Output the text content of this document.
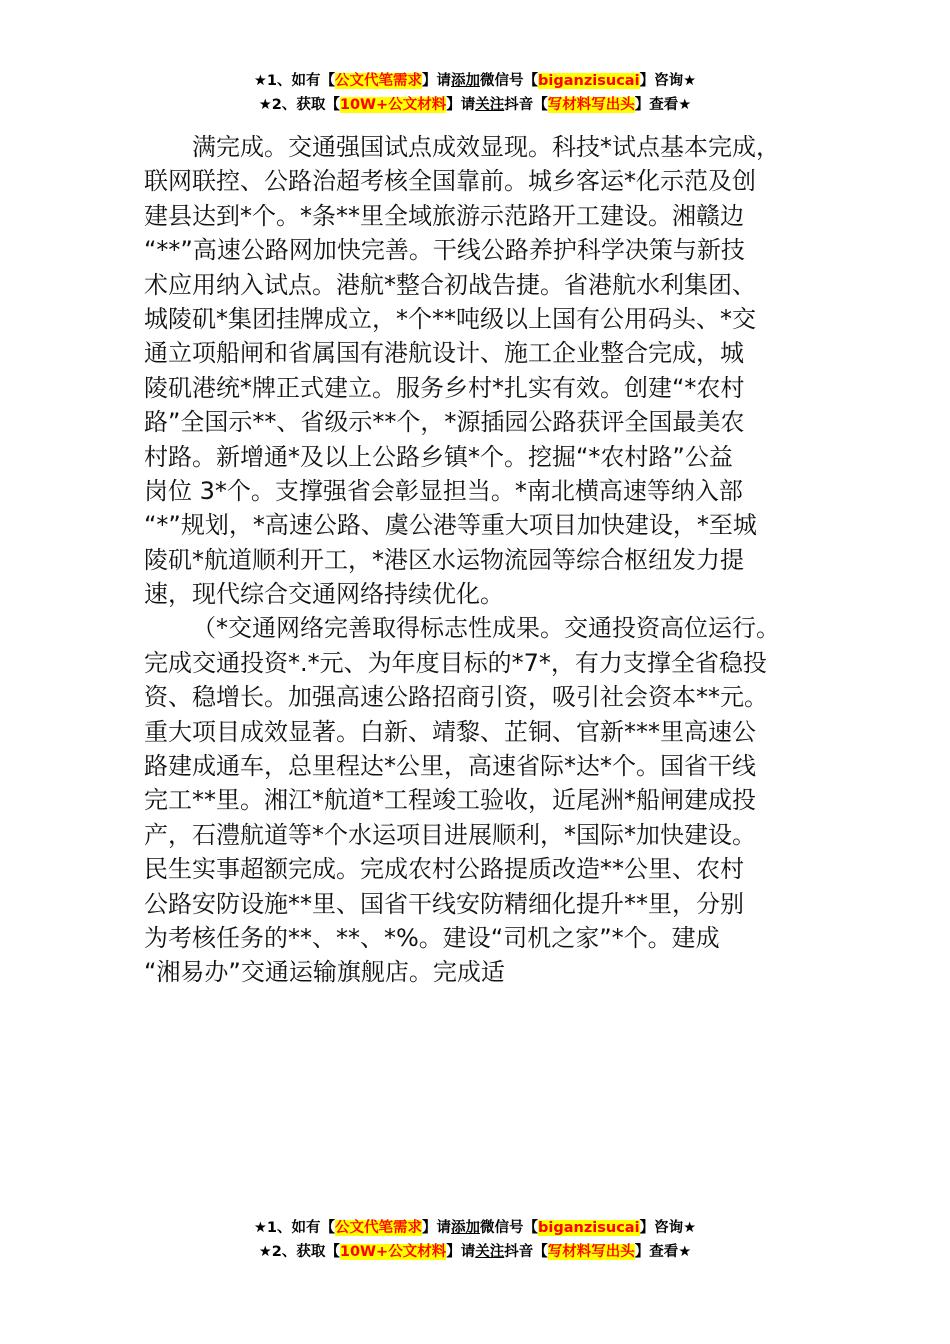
★1、如有【公文代笔需求】请添加微信号【biganzisucai】咨询★
★2、获取【10W+公文材料】请关注抖音【写材料写出头】查看★
满完成。交通强国试点成效显现。科技*试点基本完成，
联网联控、公路治超考核全国靠前。城乡客运*化示范及创
建县达到*个。*条**里全域旅游示范路开工建设。湘赣边
“**”高速公路网加快完善。干线公路养护科学决策与新技
术应用纳入试点。港航*整合初战告捷。省港航水利集团、
城陵矶*集团挂牌成立，*个**吨级以上国有公用码头、*交
通立项船闸和省属国有港航设计、施工企业整合完成，城
陵矶港统*牌正式建立。服务乡村*扎实有效。创建“*农村
路”全国示**、省级示**个，*源插园公路获评全国最美农
村路。新增通*及以上公路乡镇*个。挖掘“*农村路”公益
岗位 3*个。支撑强省会彰显担当。*南北横高速等纳入部
“*”规划，*高速公路、虞公港等重大项目加快建设，*至城
陵矶*航道顺利开工，*港区水运物流园等综合枢纽发力提
速，现代综合交通网络持续优化。
（*交通网络完善取得标志性成果。交通投资高位运行。
完成交通投资*.*元、为年度目标的*7*，有力支撑全省稳投
资、稳增长。加强高速公路招商引资，吸引社会资本**元。
重大项目成效显著。白新、靖黎、芷铜、官新***里高速公
路建成通车，总里程达*公里，高速省际*达*个。国省干线
完工**里。湘江*航道*工程竣工验收，近尾洲*船闸建成投
产，石澧航道等*个水运项目进展顺利，*国际*加快建设。
民生实事超额完成。完成农村公路提质改造**公里、农村
公路安防设施**里、国省干线安防精细化提升**里，分别
为考核任务的**、**、*%。建设“司机之家”*个。建成
“湘易办”交通运输旗舰店。完成适
★1、如有【公文代笔需求】请添加微信号【biganzisucai】咨询★
★2、获取【10W+公文材料】请关注抖音【写材料写出头】查看★
